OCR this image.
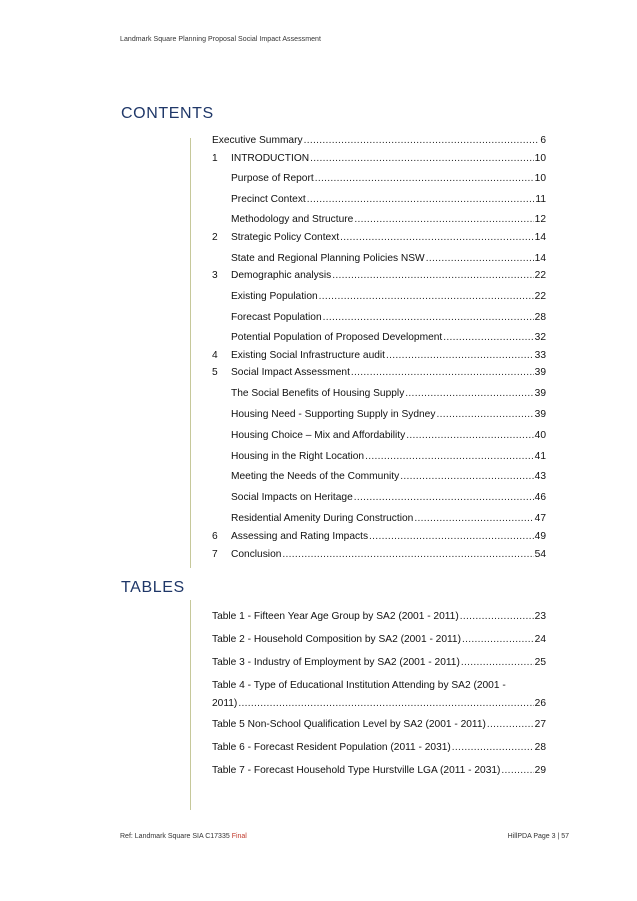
Landmark Square Planning Proposal Social Impact Assessment
CONTENTS
Executive Summary .....	6
1	INTRODUCTION .....	10
Purpose of Report .....	10
Precinct Context .....	11
Methodology and Structure .....	12
2	Strategic Policy Context .....	14
State and Regional Planning Policies NSW .....	14
3	Demographic analysis .....	22
Existing Population .....	22
Forecast Population .....	28
Potential Population of Proposed Development .....	32
4	Existing Social Infrastructure audit .....	33
5	Social Impact Assessment .....	39
The Social Benefits of Housing Supply .....	39
Housing Need - Supporting Supply in Sydney .....	39
Housing Choice – Mix and Affordability .....	40
Housing in the Right Location .....	41
Meeting the Needs of the Community .....	43
Social Impacts on Heritage .....	46
Residential Amenity During Construction .....	47
6	Assessing and Rating Impacts .....	49
7	Conclusion .....	54
TABLES
Table 1 - Fifteen Year Age Group by SA2 (2001 - 2011) .....	23
Table 2 - Household Composition by SA2 (2001 - 2011) .....	24
Table 3 - Industry of Employment by SA2 (2001 - 2011) .....	25
Table 4 - Type of Educational Institution Attending by SA2 (2001 -
2011) .....	26
Table 5 Non-School Qualification Level by SA2 (2001 - 2011) .....	27
Table 6 - Forecast Resident Population (2011 - 2031) .....	28
Table 7 - Forecast Household Type Hurstville LGA (2011 - 2031) .....	29
Ref: Landmark Square SIA C17335 Final	HillPDA Page 3 | 57
